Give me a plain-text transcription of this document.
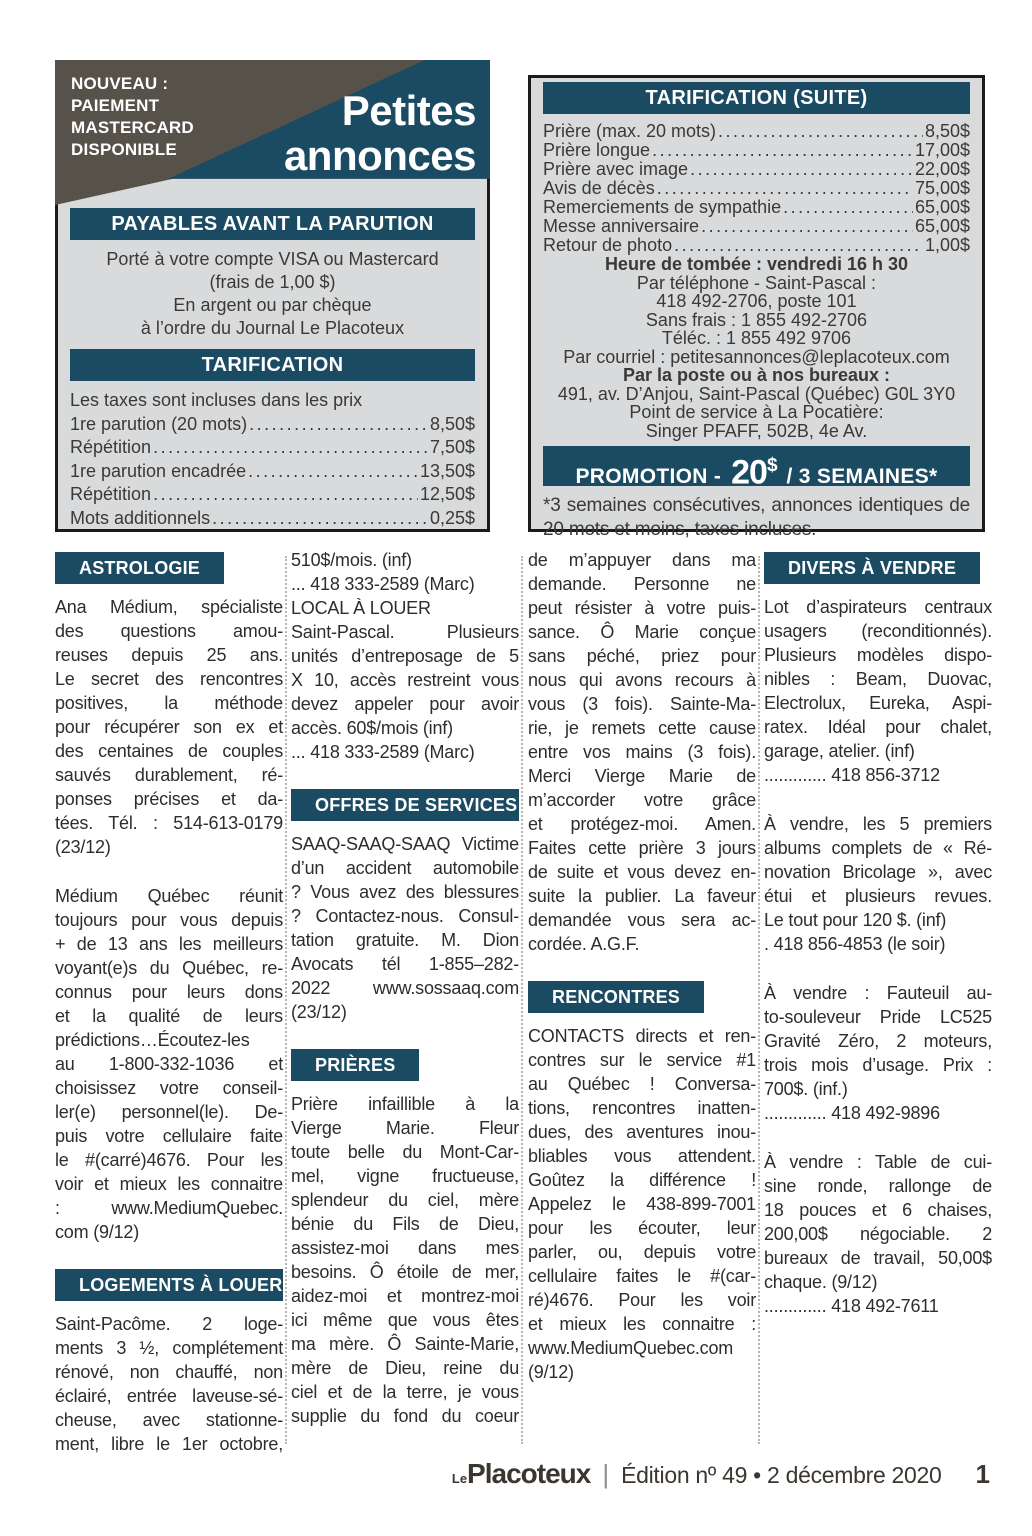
PAYABLES AVANT LA PARUTION
Porté à votre compte VISA ou Mastercard
(frais de 1,00 $)
En argent ou par chèque
à l’ordre du Journal Le Placoteux
TARIFICATION
Les taxes sont incluses dans les prix
1re parution (20 mots) .....	8,50$
Répétition .....	7,50$
1re parution encadrée .....	13,50$
Répétition .....	12,50$
Mots additionnels .....	0,25$
NOUVEAU :
PAIEMENT
MASTERCARD
DISPONIBLE
Petites
annonces
TARIFICATION (SUITE)
Prière (max. 20 mots) .....	8,50$
Prière longue .....	17,00$
Prière avec image .....	22,00$
Avis de décès .....	75,00$
Remerciements de sympathie .....	65,00$
Messe anniversaire .....	65,00$
Retour de photo .....	1,00$
Heure de tombée : vendredi 16 h 30
Par téléphone - Saint-Pascal :
418 492-2706, poste 101
Sans frais : 1 855 492-2706
Téléc. : 1 855 492 9706
Par courriel : petitesannonces@leplacoteux.com
Par la poste ou à nos bureaux :
491, av. D’Anjou, Saint-Pascal (Québec) G0L 3Y0
Point de service à La Pocatière:
Singer PFAFF, 502B, 4e Av.
PROMOTION - 20$ / 3 SEMAINES*
*3 semaines consécutives, annonces identiques de
20 mots et moins, taxes incluses.
ASTROLOGIE
Ana Médium, spécialiste
des questions amou-
reuses depuis 25 ans.
Le secret des rencontres
positives, la méthode
pour récupérer son ex et
des centaines de couples
sauvés durablement, ré-
ponses précises et da-
tées. Tél. : 514-613-0179
(23/12)
Médium Québec réunit
toujours pour vous depuis
+ de 13 ans les meilleurs
voyant(e)s du Québec, re-
connus pour leurs dons
et la qualité de leurs
prédictions…Écoutez-les
au 1-800-332-1036 et
choisissez votre conseil-
ler(e) personnel(le). De-
puis votre cellulaire faite
le #(carré)4676. Pour les
voir et mieux les connaitre
: www.MediumQuebec.
com (9/12)
LOGEMENTS À LOUER
Saint-Pacôme. 2 loge-
ments 3 ½, complétement
rénové, non chauffé, non
éclairé, entrée laveuse-sé-
cheuse, avec stationne-
ment, libre le 1er octobre,
510$/mois. (inf)
... 418 333-2589 (Marc)
LOCAL À LOUER
Saint-Pascal. Plusieurs
unités d’entreposage de 5
X 10, accès restreint vous
devez appeler pour avoir
accès. 60$/mois (inf)
... 418 333-2589 (Marc)
OFFRES DE SERVICES
SAAQ-SAAQ-SAAQ Victime
d’un accident automobile
? Vous avez des blessures
? Contactez-nous. Consul-
tation gratuite. M. Dion
Avocats tél 1-855–282-
2022 www.sossaaq.com
(23/12)
PRIÈRES
Prière infaillible à la
Vierge Marie. Fleur
toute belle du Mont-Car-
mel, vigne fructueuse,
splendeur du ciel, mère
bénie du Fils de Dieu,
assistez-moi dans mes
besoins. Ô étoile de mer,
aidez-moi et montrez-moi
ici même que vous êtes
ma mère. Ô Sainte-Marie,
mère de Dieu, reine du
ciel et de la terre, je vous
supplie du fond du coeur
de m’appuyer dans ma
demande. Personne ne
peut résister à votre puis-
sance. Ô Marie conçue
sans péché, priez pour
nous qui avons recours à
vous (3 fois). Sainte-Ma-
rie, je remets cette cause
entre vos mains (3 fois).
Merci Vierge Marie de
m’accorder votre grâce
et protégez-moi. Amen.
Faites cette prière 3 jours
de suite et vous devez en-
suite la publier. La faveur
demandée vous sera ac-
cordée. A.G.F.
RENCONTRES
CONTACTS directs et ren-
contres sur le service #1
au Québec ! Conversa-
tions, rencontres inatten-
dues, des aventures inou-
bliables vous attendent.
Goûtez la différence !
Appelez le 438-899-7001
pour les écouter, leur
parler, ou, depuis votre
cellulaire faites le #(car-
ré)4676. Pour les voir
et mieux les connaitre :
www.MediumQuebec.com
(9/12)
DIVERS À VENDRE
Lot d’aspirateurs centraux
usagers (reconditionnés).
Plusieurs modèles dispo-
nibles : Beam, Duovac,
Electrolux, Eureka, Aspi-
ratex. Idéal pour chalet,
garage, atelier. (inf)
............. 418 856-3712
À vendre, les 5 premiers
albums complets de « Ré-
novation Bricolage », avec
étui et plusieurs revues.
Le tout pour 120 $. (inf)
. 418 856-4853 (le soir)
À vendre : Fauteuil au-
to-souleveur Pride LC525
Gravité Zéro, 2 moteurs,
trois mois d’usage. Prix :
700$. (inf.)
............. 418 492-9896
À vendre : Table de cui-
sine ronde, rallonge de
18 pouces et 6 chaises,
200,00$ négociable. 2
bureaux de travail, 50,00$
chaque. (9/12)
............. 418 492-7611
Le Placoteux | Édition nº 49 • 2 décembre 2020 1
